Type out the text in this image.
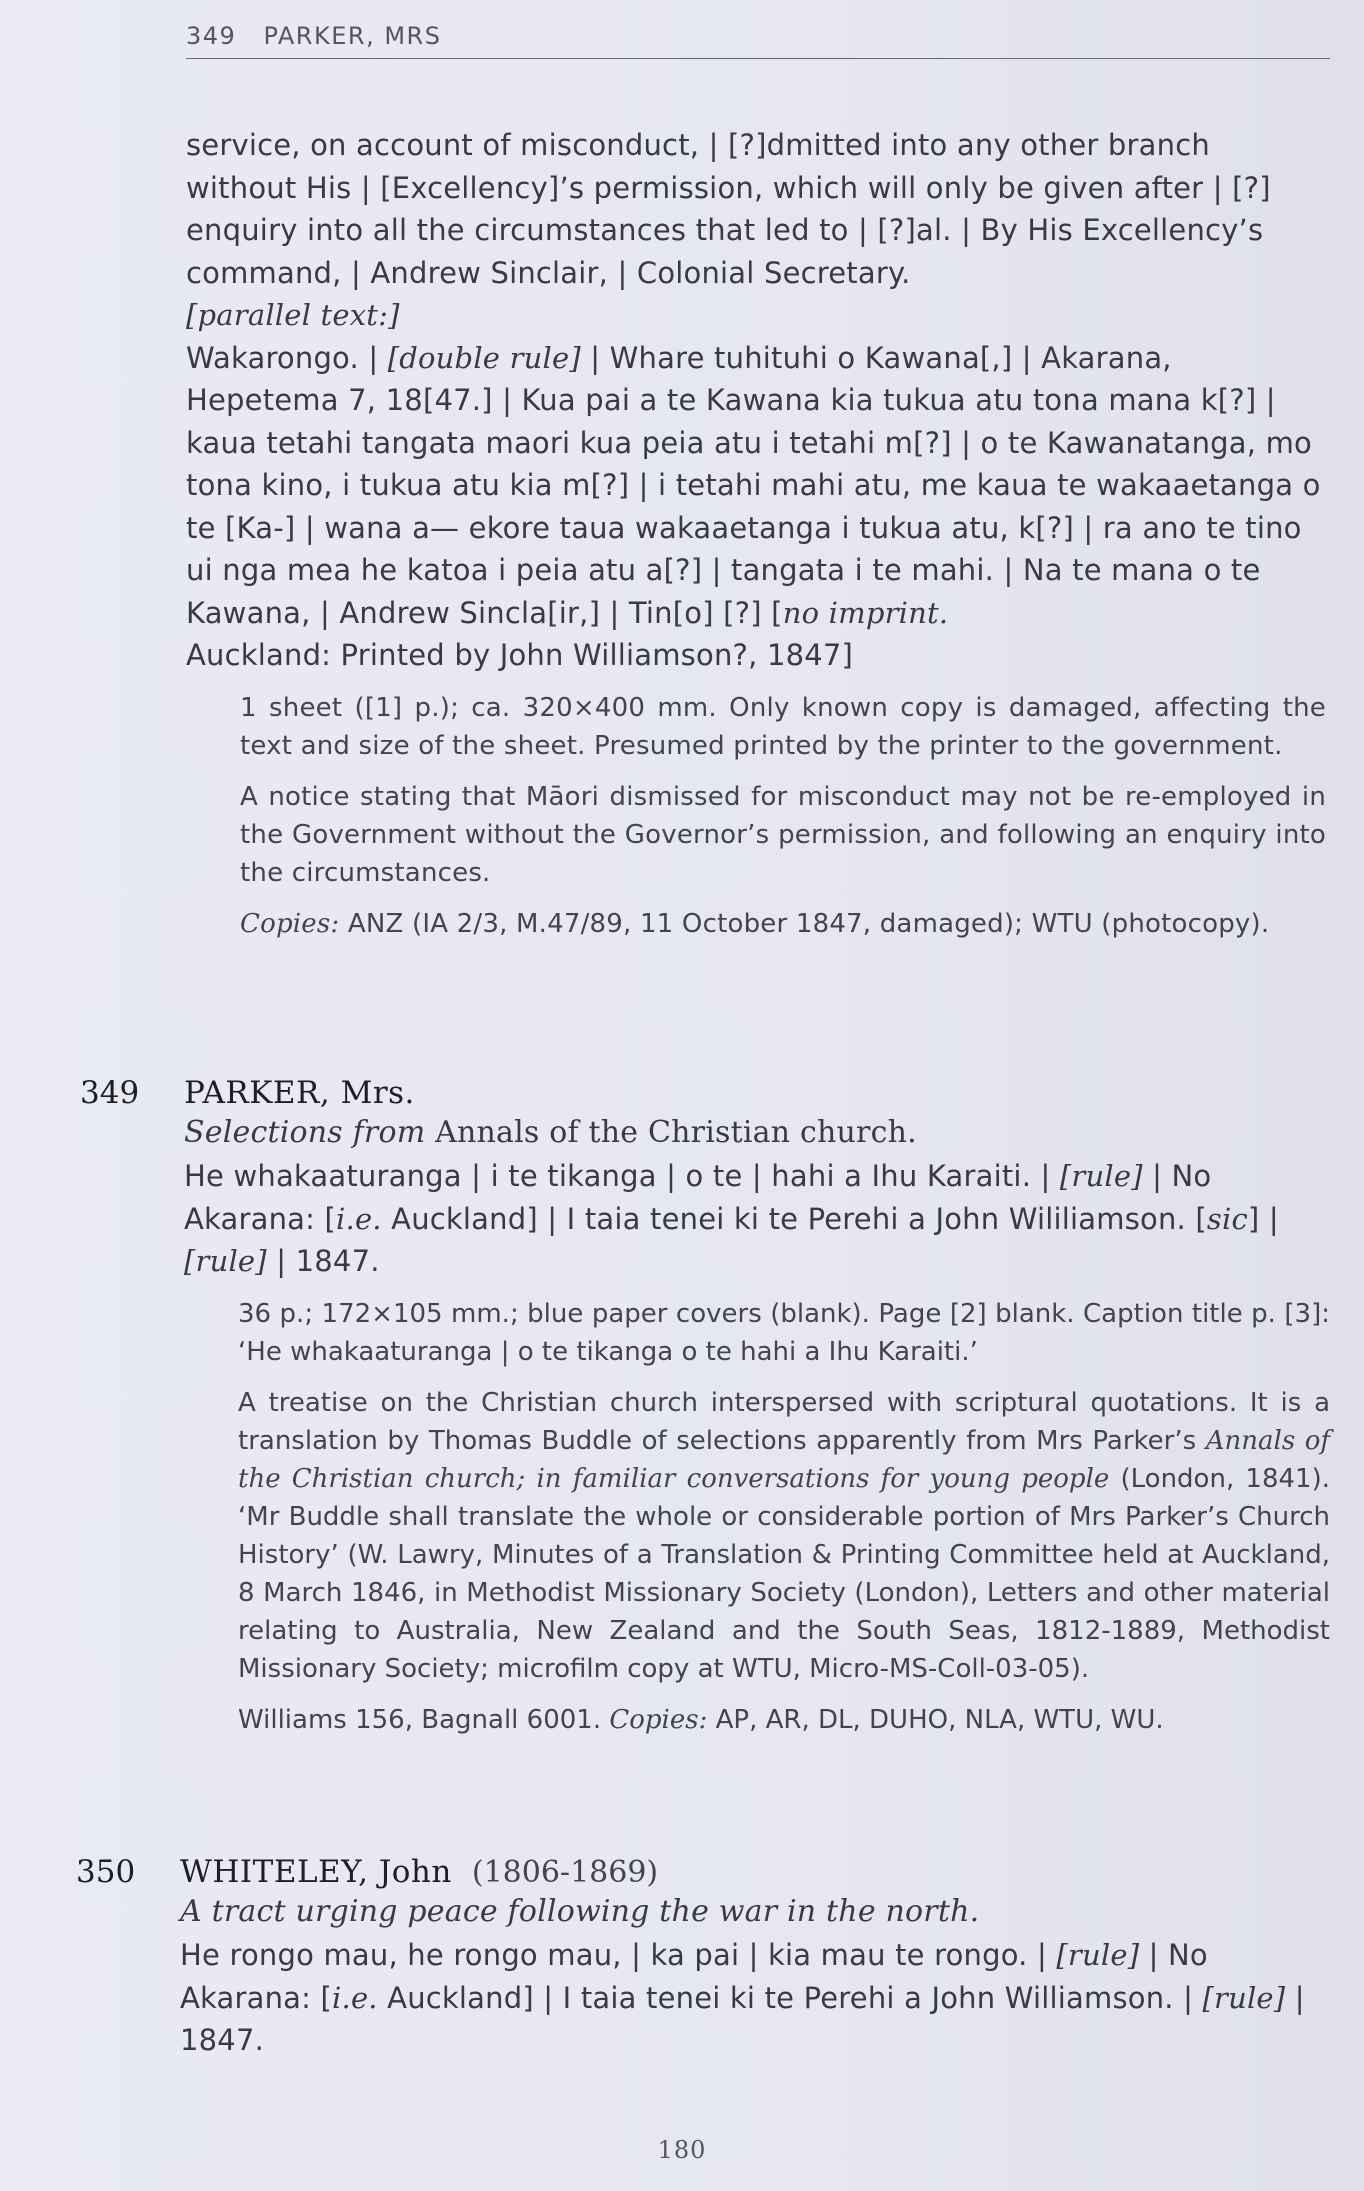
349 PARKER, MRS
service, on account of misconduct, | [?]dmitted into any other branch without His | [Excellency]’s permission, which will only be given after | [?] enquiry into all the circumstances that led to | [?]al. | By His Excellency’s command, | Andrew Sinclair, | Colonial Secretary.
[parallel text:]
Wakarongo. | [double rule] | Whare tuhituhi o Kawana[,] | Akarana, Hepetema 7, 18[47.] | Kua pai a te Kawana kia tukua atu tona mana k[?] | kaua tetahi tangata maori kua peia atu i tetahi m[?] | o te Kawanatanga, mo tona kino, i tukua atu kia m[?] | i tetahi mahi atu, me kaua te wakaaetanga o te [Ka-] | wana a— ekore taua wakaaetanga i tukua atu, k[?] | ra ano te tino ui nga mea he katoa i peia atu a[?] | tangata i te mahi. | Na te mana o te Kawana, | Andrew Sincla[ir,] | Tin[o] [?] [no imprint.
Auckland: Printed by John Williamson?, 1847]

1 sheet ([1] p.); ca. 320×400 mm. Only known copy is damaged, affecting the text and size of the sheet. Presumed printed by the printer to the government.

A notice stating that Māori dismissed for misconduct may not be re-employed in the Government without the Governor’s permission, and following an enquiry into the circumstances.

Copies: ANZ (IA 2/3, M.47/89, 11 October 1847, damaged); WTU (photocopy).

349	PARKER, Mrs.
Selections from Annals of the Christian church.
He whakaaturanga | i te tikanga | o te | hahi a Ihu Karaiti. | [rule] | No Akarana: [i.e. Auckland] | I taia tenei ki te Perehi a John Wililiamson. [sic] | [rule] | 1847.

36 p.; 172×105 mm.; blue paper covers (blank). Page [2] blank. Caption title p. [3]: ‘He whakaaturanga | o te tikanga o te hahi a Ihu Karaiti.’

A treatise on the Christian church interspersed with scriptural quotations. It is a translation by Thomas Buddle of selections apparently from Mrs Parker’s Annals of the Christian church; in familiar conversations for young people (London, 1841). ‘Mr Buddle shall translate the whole or considerable portion of Mrs Parker’s Church History’ (W. Lawry, Minutes of a Translation & Printing Committee held at Auckland, 8 March 1846, in Methodist Missionary Society (London), Letters and other material relating to Australia, New Zealand and the South Seas, 1812-1889, Methodist Missionary Society; microfilm copy at WTU, Micro-MS-Coll-03-05).

Williams 156, Bagnall 6001. Copies: AP, AR, DL, DUHO, NLA, WTU, WU.

350	WHITELEY, John (1806-1869)
A tract urging peace following the war in the north.
He rongo mau, he rongo mau, | ka pai | kia mau te rongo. | [rule] | No Akarana: [i.e. Auckland] | I taia tenei ki te Perehi a John Williamson. | [rule] | 1847.
180
